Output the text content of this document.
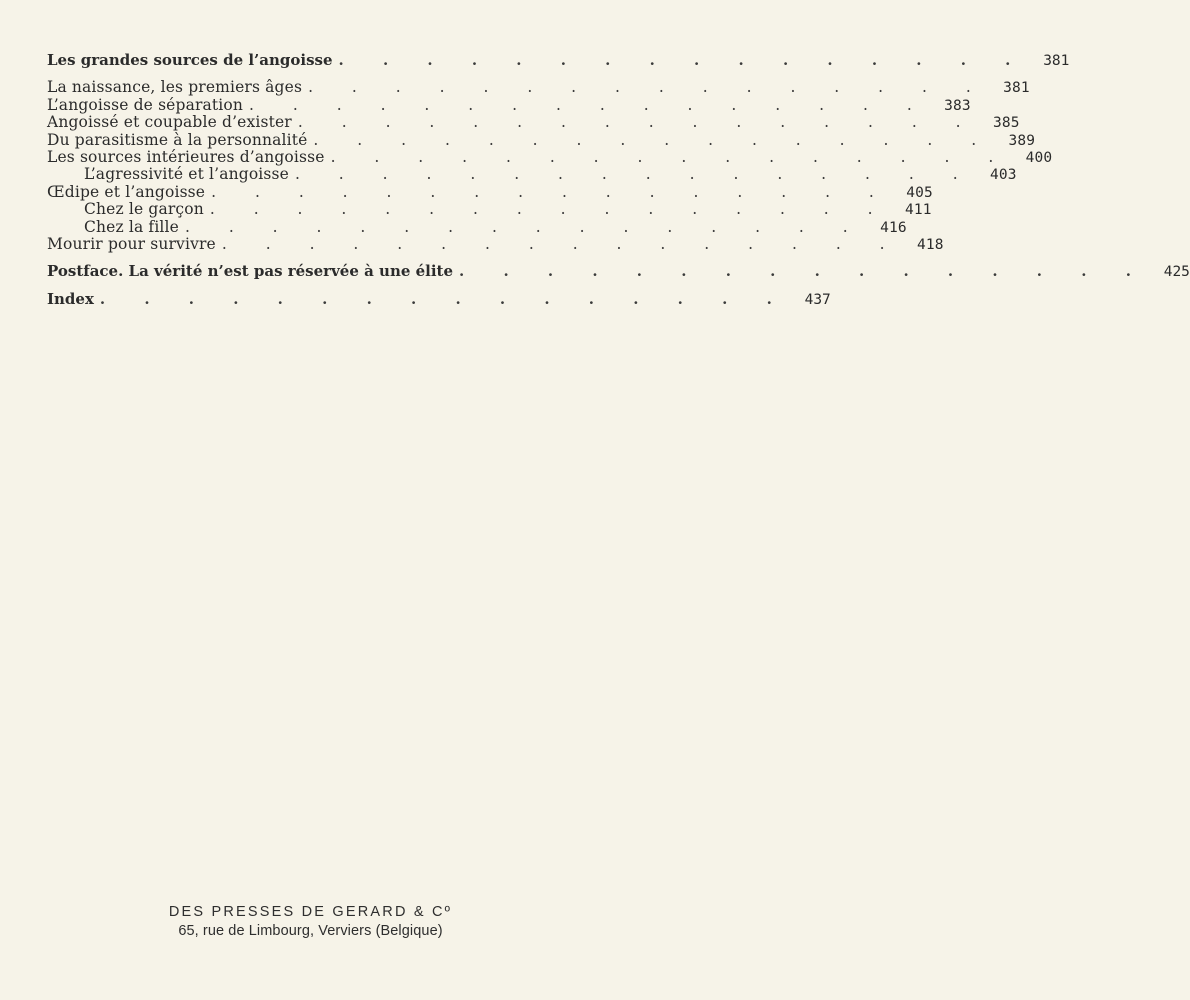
Les grandes sources de l’angoisse . . . . . . . . . . . . . . . .	381
La naissance, les premiers âges . . . . . . . . . . . . . . . .	381
L’angoisse de séparation . . . . . . . . . . . . . . . .	383
Angoissé et coupable d’exister . . . . . . . . . . . . . . . .	385
Du parasitisme à la personnalité . . . . . . . . . . . . . . . .	389
Les sources intérieures d’angoisse . . . . . . . . . . . . . . . .	400
L’agressivité et l’angoisse . . . . . . . . . . . . . . . .	403
Œdipe et l’angoisse . . . . . . . . . . . . . . . .	405
Chez le garçon . . . . . . . . . . . . . . . .	411
Chez la fille . . . . . . . . . . . . . . . .	416
Mourir pour survivre . . . . . . . . . . . . . . . .	418
Postface. La vérité n’est pas réservée à une élite . . . . . . . . . . . . . . . .	425
Index . . . . . . . . . . . . . . . .	437
DES PRESSES DE GERARD & Cº
65, rue de Limbourg, Verviers (Belgique)
